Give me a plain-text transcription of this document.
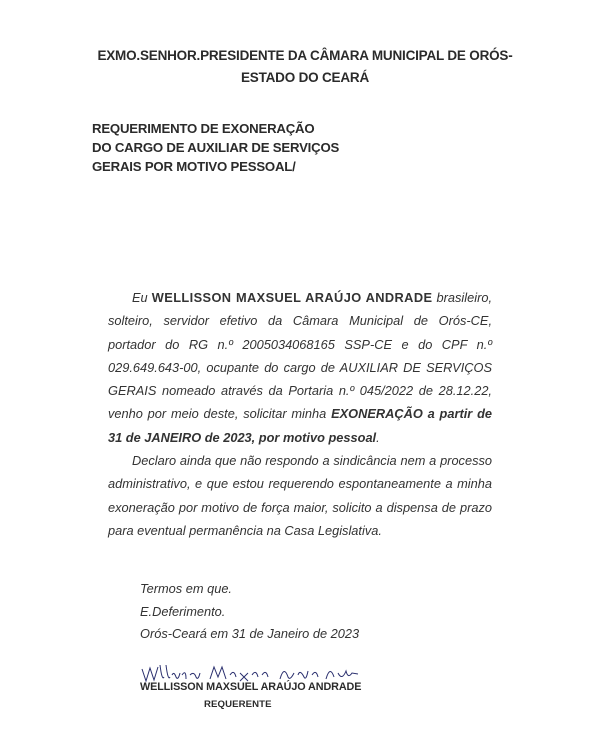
EXMO.SENHOR.PRESIDENTE DA CÂMARA MUNICIPAL DE ORÓS-
ESTADO DO CEARÁ
REQUERIMENTO DE EXONERAÇÃO
DO CARGO DE AUXILIAR DE SERVIÇOS
GERAIS POR MOTIVO PESSOAL/

Eu WELLISSON MAXSUEL ARAÚJO ANDRADE brasileiro, solteiro, servidor efetivo da Câmara Municipal de Orós-CE, portador do RG n.º 2005034068165 SSP-CE e do CPF n.º 029.649.643-00, ocupante do cargo de AUXILIAR DE SERVIÇOS GERAIS nomeado através da Portaria n.º 045/2022 de 28.12.22, venho por meio deste, solicitar minha EXONERAÇÃO a partir de 31 de JANEIRO de 2023, por motivo pessoal.

Declaro ainda que não respondo a sindicância nem a processo administrativo, e que estou requerendo espontaneamente a minha exoneração por motivo de força maior, solicito a dispensa de prazo para eventual permanência na Casa Legislativa.

Termos em que.
E.Deferimento.
Orós-Ceará em 31 de Janeiro de 2023
WELLISSON MAXSUEL ARAÚJO ANDRADE
REQUERENTE
